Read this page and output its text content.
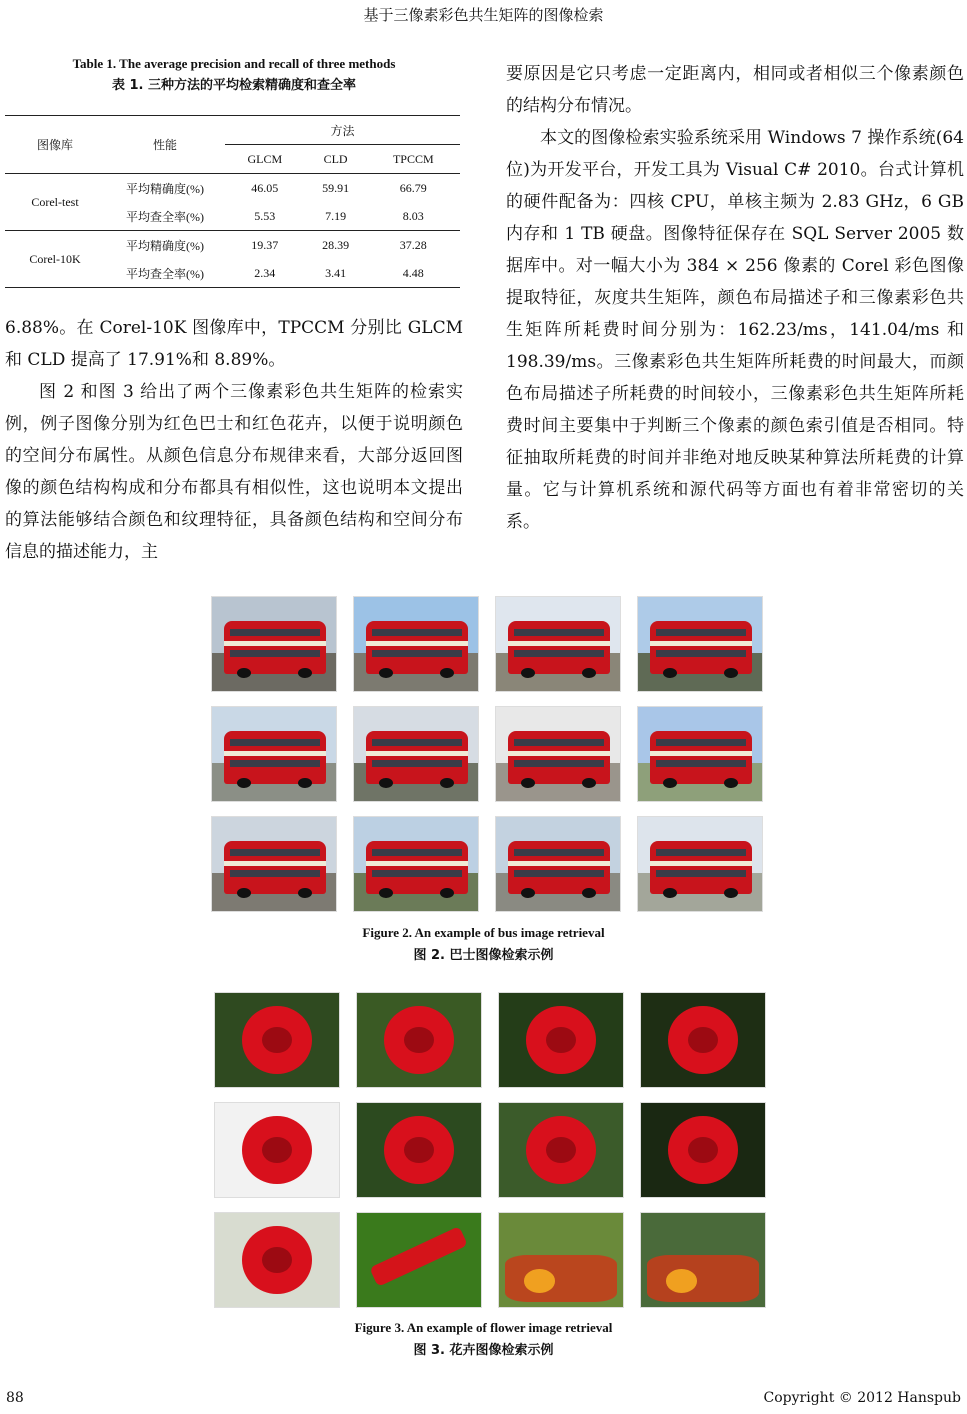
基于三像素彩色共生矩阵的图像检索
Table 1. The average precision and recall of three methods
表 1. 三种方法的平均检索精确度和查全率
图像库	性能	方法		
		GLCM	CLD	TPCCM
Corel-test	平均精确度(%)	46.05	59.91	66.79
	平均查全率(%)	5.53	7.19	8.03
Corel-10K	平均精确度(%)	19.37	28.39	37.28
	平均查全率(%)	2.34	3.41	4.48

6.88%。在 Corel-10K 图像库中，TPCCM 分别比 GLCM 和 CLD 提高了 17.91%和 8.89%。

图 2 和图 3 给出了两个三像素彩色共生矩阵的检索实例，例子图像分别为红色巴士和红色花卉，以便于说明颜色的空间分布属性。从颜色信息分布规律来看，大部分返回图像的颜色结构构成和分布都具有相似性，这也说明本文提出的算法能够结合颜色和纹理特征，具备颜色结构和空间分布信息的描述能力，主

要原因是它只考虑一定距离内，相同或者相似三个像素颜色的结构分布情况。

本文的图像检索实验系统采用 Windows 7 操作系统(64 位)为开发平台，开发工具为 Visual C# 2010。台式计算机的硬件配备为：四核 CPU，单核主频为 2.83 GHz，6 GB 内存和 1 TB 硬盘。图像特征保存在 SQL Server 2005 数据库中。对一幅大小为 384 × 256 像素的 Corel 彩色图像提取特征，灰度共生矩阵，颜色布局描述子和三像素彩色共生矩阵所耗费时间分别为：162.23/ms，141.04/ms 和 198.39/ms。三像素彩色共生矩阵所耗费的时间最大，而颜色布局描述子所耗费的时间较小，三像素彩色共生矩阵所耗费时间主要集中于判断三个像素的颜色索引值是否相同。特征抽取所耗费的时间并非绝对地反映某种算法所耗费的计算量。它与计算机系统和源代码等方面也有着非常密切的关系。

Figure 2. An example of bus image retrieval
图 2. 巴士图像检索示例
Figure 3. An example of flower image retrieval
图 3. 花卉图像检索示例
88	Copyright © 2012 Hanspub
